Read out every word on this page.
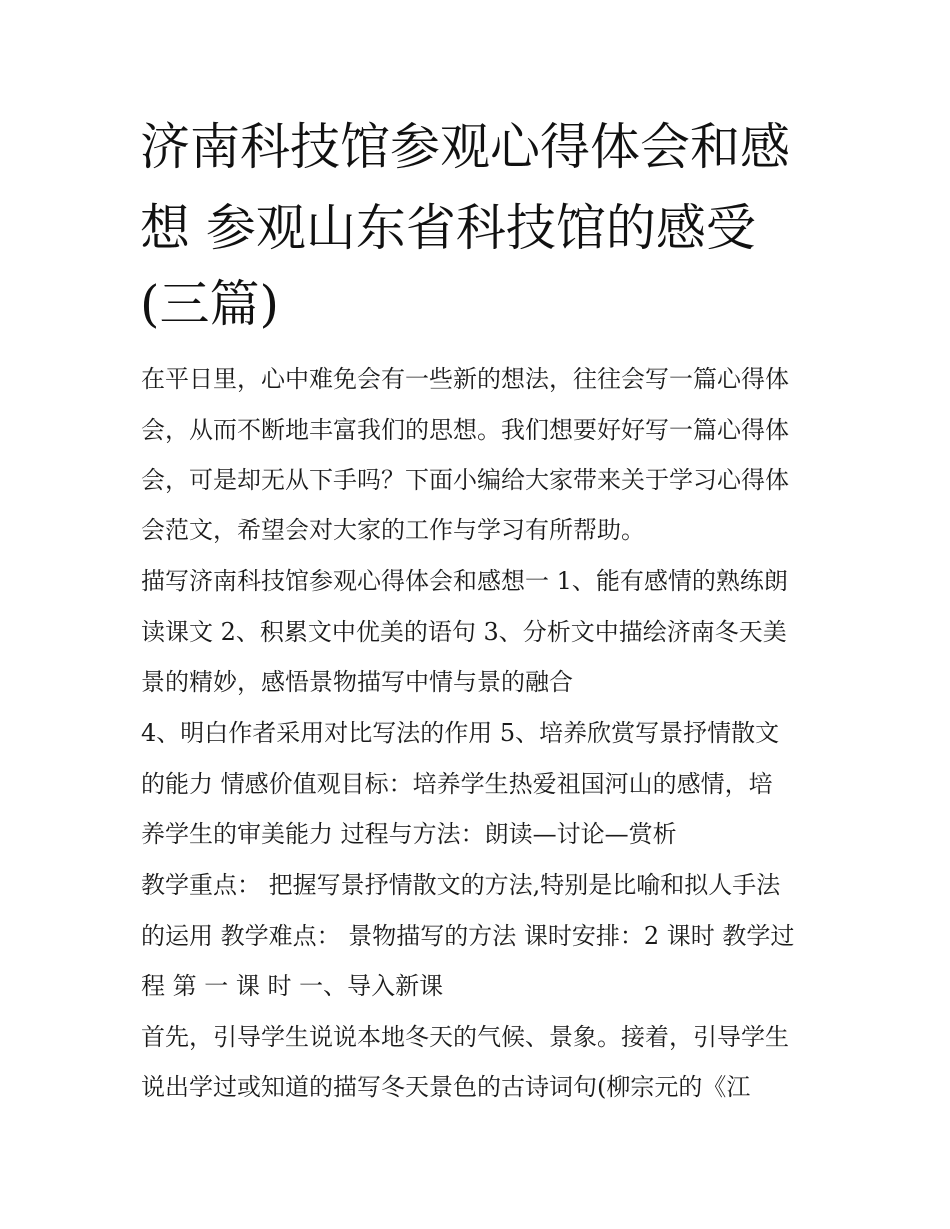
济南科技馆参观心得体会和感
想 参观山东省科技馆的感受
(三篇)

在平日里，心中难免会有一些新的想法，往往会写一篇心得体

会，从而不断地丰富我们的思想。我们想要好好写一篇心得体

会，可是却无从下手吗？下面小编给大家带来关于学习心得体

会范文，希望会对大家的工作与学习有所帮助。

描写济南科技馆参观心得体会和感想一 1、能有感情的熟练朗

读课文 2、积累文中优美的语句 3、分析文中描绘济南冬天美

景的精妙，感悟景物描写中情与景的融合

4、明白作者采用对比写法的作用 5、培养欣赏写景抒情散文

的能力 情感价值观目标：培养学生热爱祖国河山的感情，培

养学生的审美能力 过程与方法：朗读—讨论—赏析

教学重点： 把握写景抒情散文的方法,特别是比喻和拟人手法

的运用 教学难点： 景物描写的方法 课时安排：2 课时 教学过

程 第 一 课 时 一、导入新课

首先，引导学生说说本地冬天的气候、景象。接着，引导学生

说出学过或知道的描写冬天景色的古诗词句(柳宗元的《江
